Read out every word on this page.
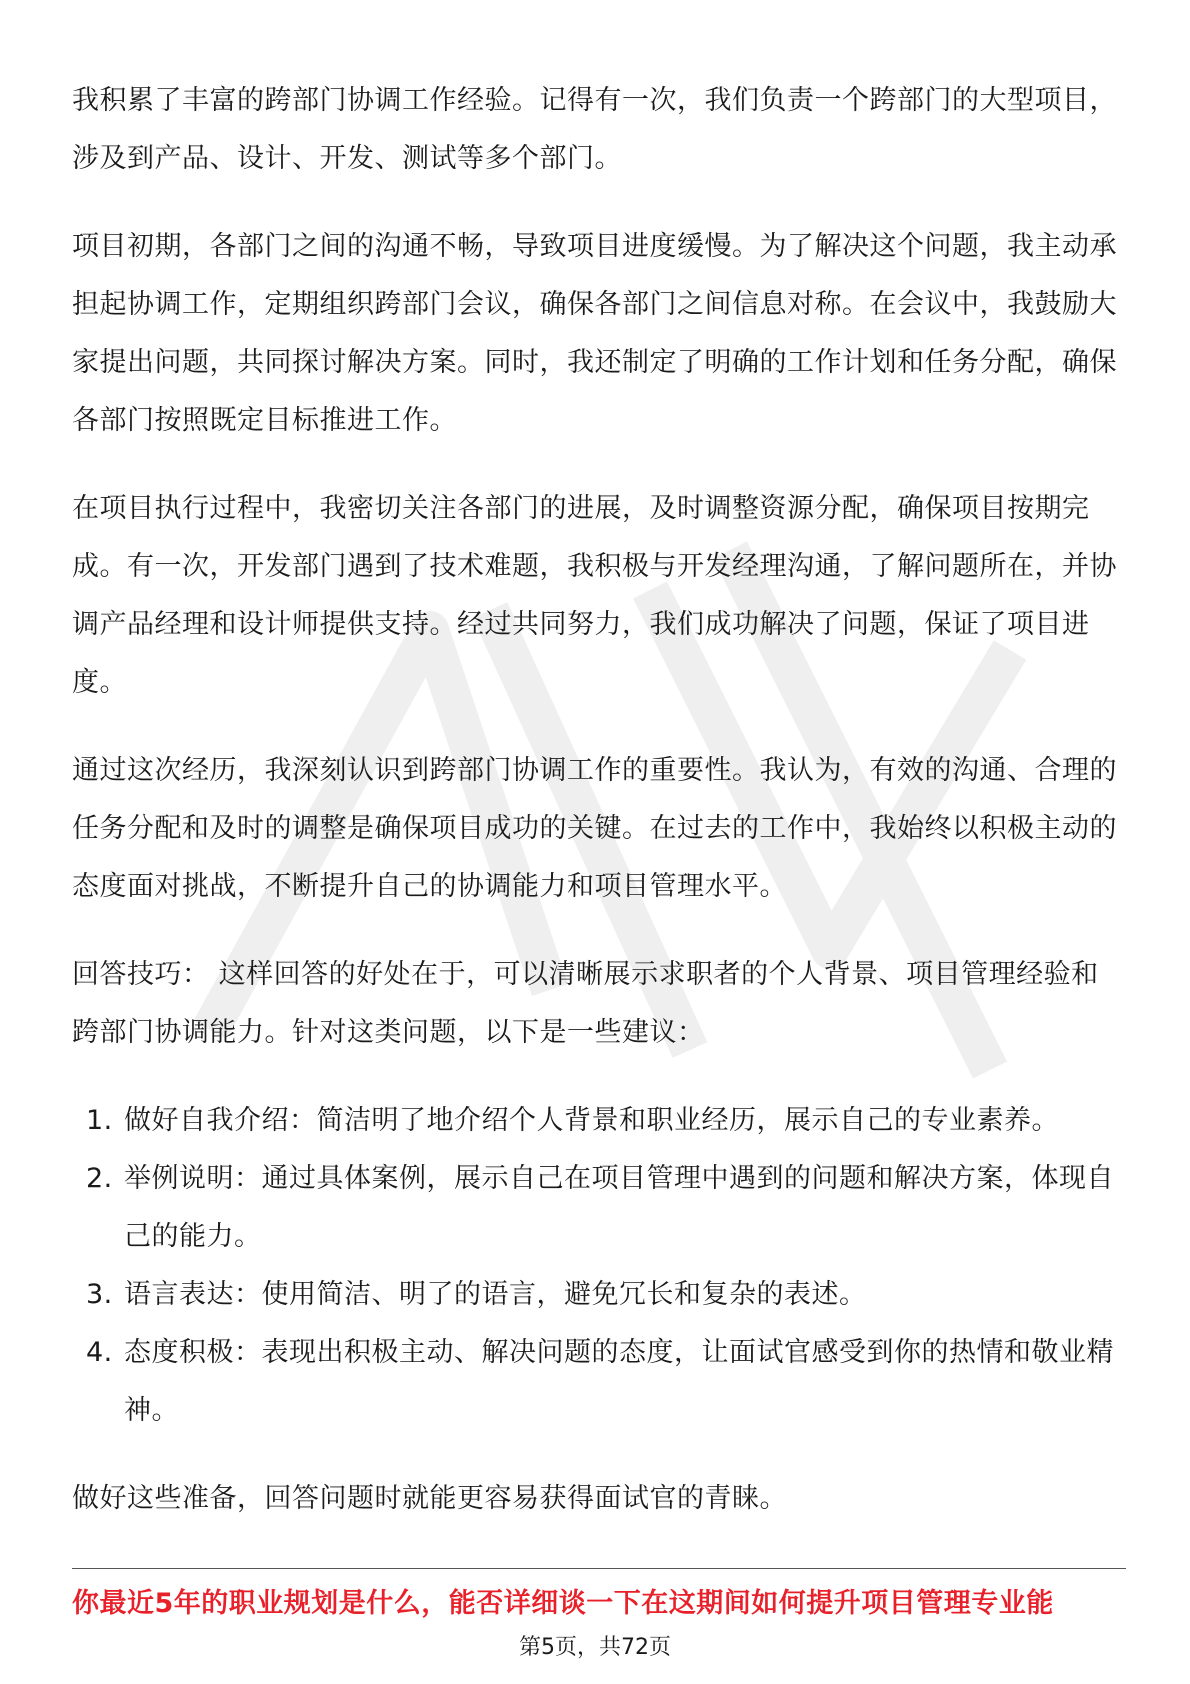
我积累了丰富的跨部门协调工作经验。记得有一次，我们负责一个跨部门的大型项目，涉及到产品、设计、开发、测试等多个部门。

项目初期，各部门之间的沟通不畅，导致项目进度缓慢。为了解决这个问题，我主动承担起协调工作，定期组织跨部门会议，确保各部门之间信息对称。在会议中，我鼓励大家提出问题，共同探讨解决方案。同时，我还制定了明确的工作计划和任务分配，确保各部门按照既定目标推进工作。

在项目执行过程中，我密切关注各部门的进展，及时调整资源分配，确保项目按期完成。有一次，开发部门遇到了技术难题，我积极与开发经理沟通，了解问题所在，并协调产品经理和设计师提供支持。经过共同努力，我们成功解决了问题，保证了项目进度。

通过这次经历，我深刻认识到跨部门协调工作的重要性。我认为，有效的沟通、合理的任务分配和及时的调整是确保项目成功的关键。在过去的工作中，我始终以积极主动的态度面对挑战，不断提升自己的协调能力和项目管理水平。

回答技巧： 这样回答的好处在于，可以清晰展示求职者的个人背景、项目管理经验和跨部门协调能力。针对这类问题，以下是一些建议：

1. 做好自我介绍：简洁明了地介绍个人背景和职业经历，展示自己的专业素养。
2. 举例说明：通过具体案例，展示自己在项目管理中遇到的问题和解决方案，体现自己的能力。
3. 语言表达：使用简洁、明了的语言，避免冗长和复杂的表述。
4. 态度积极：表现出积极主动、解决问题的态度，让面试官感受到你的热情和敬业精神。

做好这些准备，回答问题时就能更容易获得面试官的青睐。

你最近5年的职业规划是什么，能否详细谈一下在这期间如何提升项目管理专业能
第5页，共72页
